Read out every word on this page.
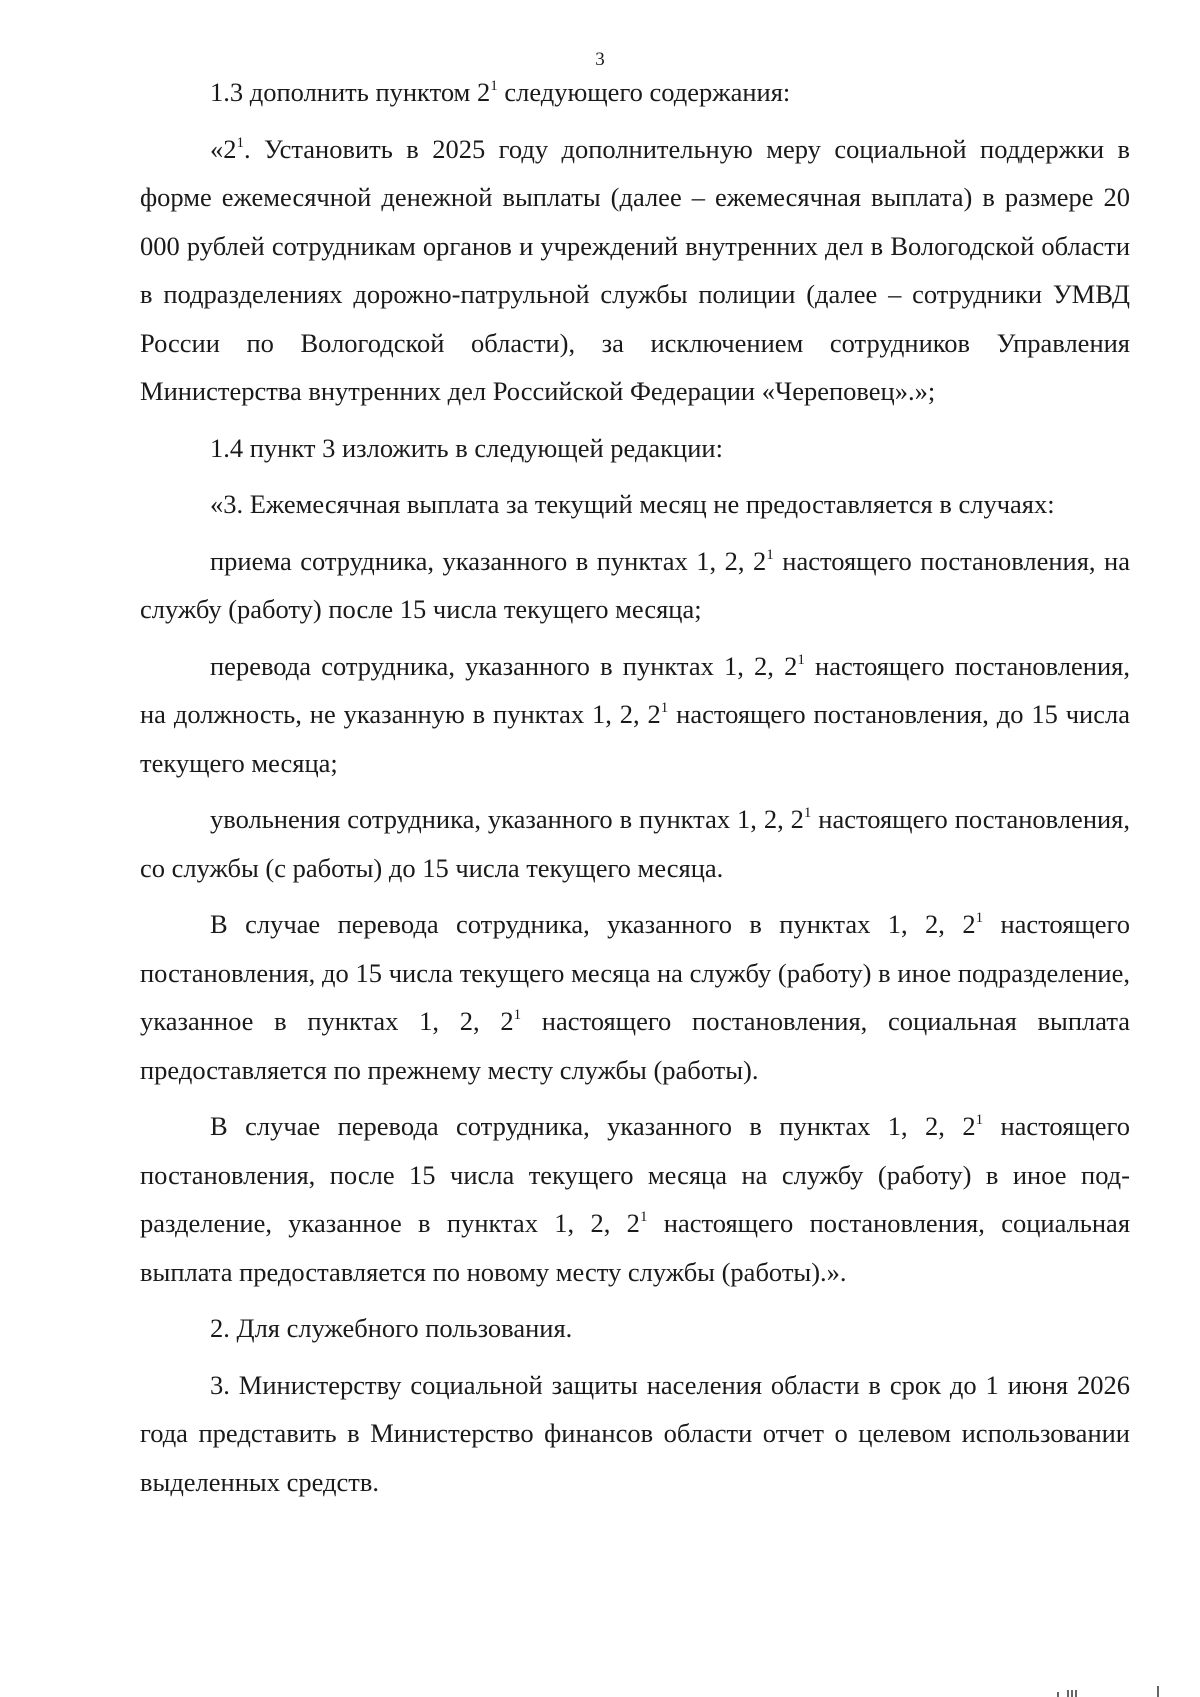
3

1.3 дополнить пунктом $2^1$ следующего содержания:

«$2^1$. Установить в 2025 году дополнительную меру социальной поддержки в форме ежемесячной денежной выплаты (далее – ежемесячная выплата) в размере 20 000 рублей сотрудникам органов и учреждений внутренних дел в Вологодской области в подразделениях дорожно-патрульной службы полиции (далее – сотрудники УМВД России по Вологодской области), за исключением сотрудников Управления Министерства внутренних дел Российской Федерации «Череповец».»;

1.4 пункт 3 изложить в следующей редакции:

«3. Ежемесячная выплата за текущий месяц не предоставляется в случаях:

приема сотрудника, указанного в пунктах 1, 2, $2^1$ настоящего постановления, на службу (работу) после 15 числа текущего месяца;

перевода сотрудника, указанного в пунктах 1, 2, $2^1$ настоящего постановления, на должность, не указанную в пунктах 1, 2, $2^1$ настоящего постановления, до 15 числа текущего месяца;

увольнения сотрудника, указанного в пунктах 1, 2, $2^1$ настоящего постановления, со службы (с работы) до 15 числа текущего месяца.

В случае перевода сотрудника, указанного в пунктах 1, 2, $2^1$ настоящего постановления, до 15 числа текущего месяца на службу (работу) в иное подразделение, указанное в пунктах 1, 2, $2^1$ настоящего постановления, социальная выплата предоставляется по прежнему месту службы (работы).

В случае перевода сотрудника, указанного в пунктах 1, 2, $2^1$ настоящего постановления, после 15 числа текущего месяца на службу (работу) в иное подразделение, указанное в пунктах 1, 2, $2^1$ настоящего постановления, социальная выплата предоставляется по новому месту службы (работы).».

2. Для служебного пользования.

3. Министерству социальной защиты населения области в срок до 1 июня 2026 года представить в Министерство финансов области отчет о целевом использовании выделенных средств.
